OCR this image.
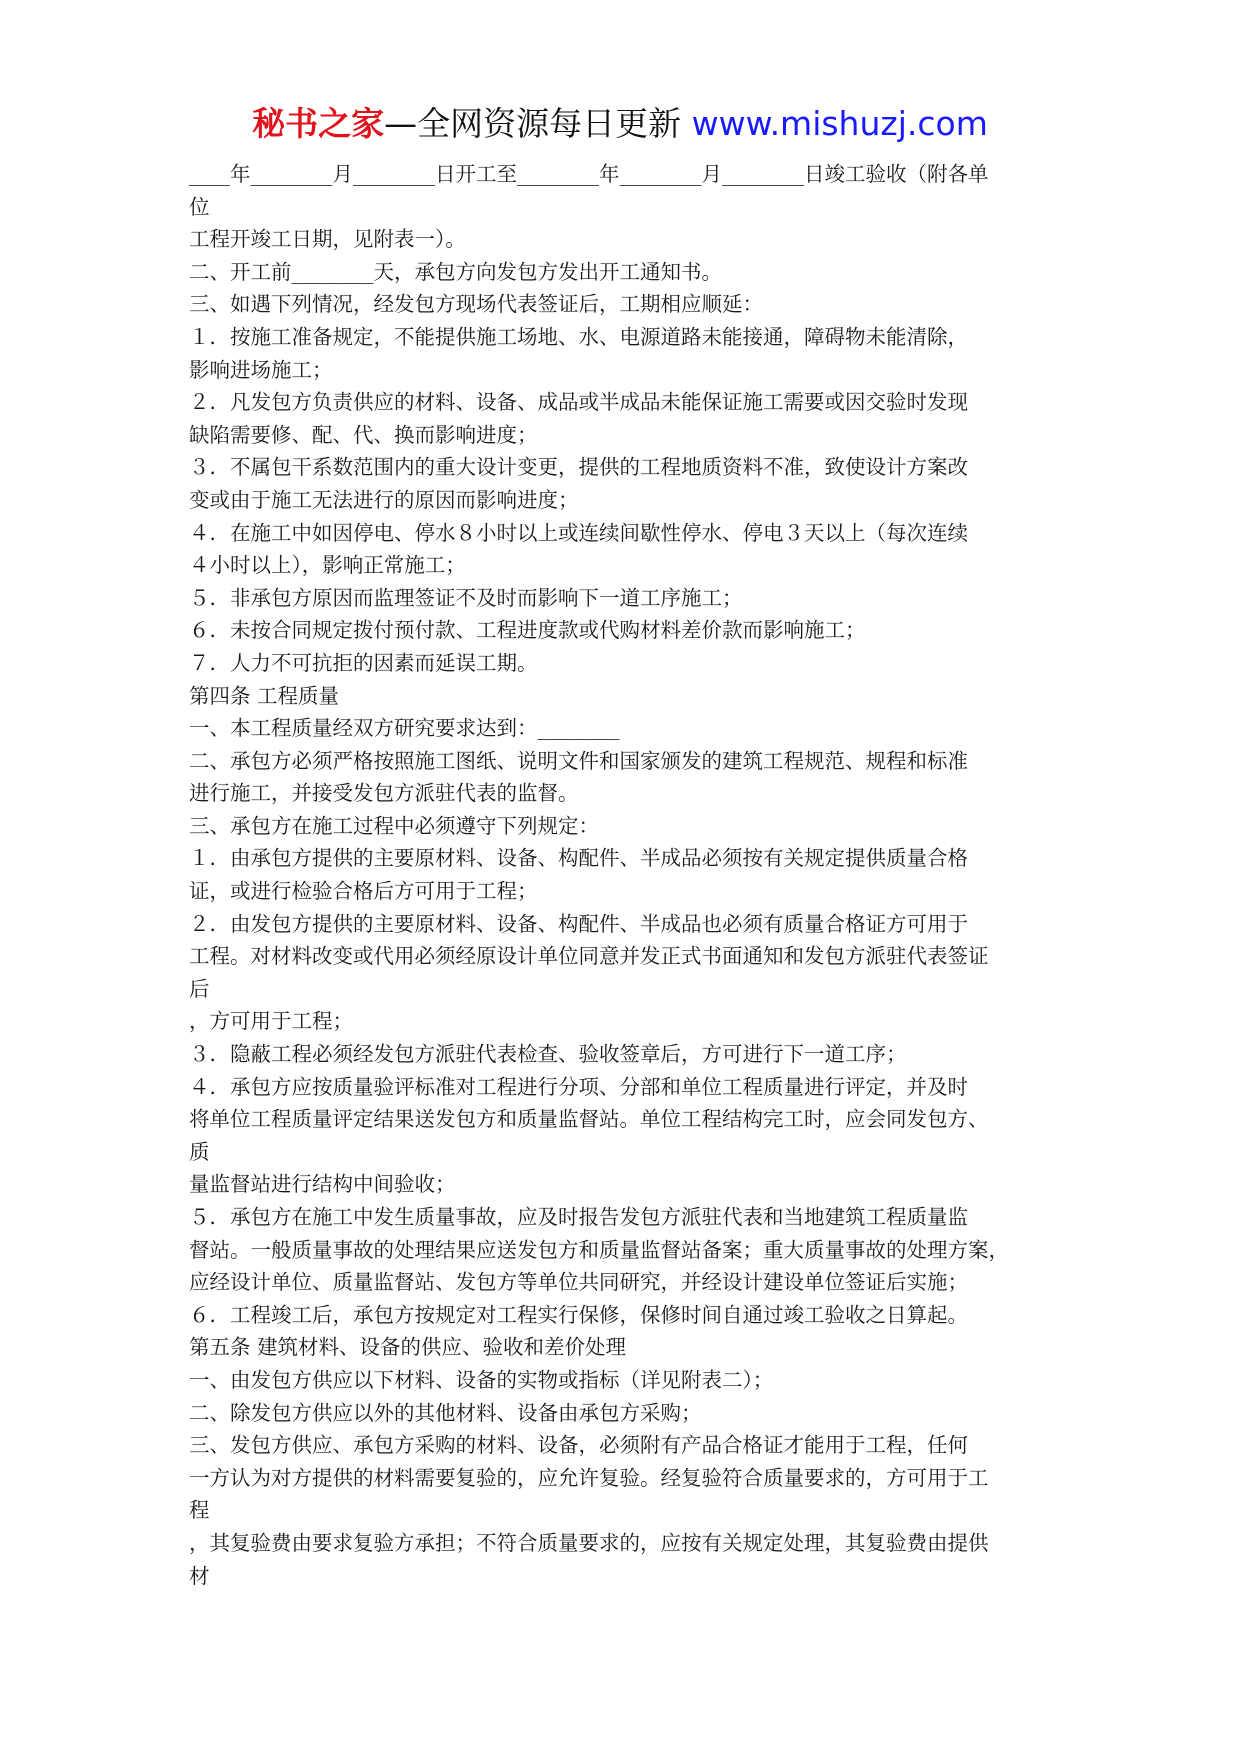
秘书之家—全网资源每日更新 www.mishuzj.com
____年________月________日开工至________年________月________日竣工验收（附各单
位
工程开竣工日期，见附表一）。
二、开工前________天，承包方向发包方发出开工通知书。
三、如遇下列情况，经发包方现场代表签证后，工期相应顺延：
１．按施工准备规定，不能提供施工场地、水、电源道路未能接通，障碍物未能清除，
影响进场施工；
２．凡发包方负责供应的材料、设备、成品或半成品未能保证施工需要或因交验时发现
缺陷需要修、配、代、换而影响进度；
３．不属包干系数范围内的重大设计变更，提供的工程地质资料不准，致使设计方案改
变或由于施工无法进行的原因而影响进度；
４．在施工中如因停电、停水８小时以上或连续间歇性停水、停电３天以上（每次连续
４小时以上），影响正常施工；
５．非承包方原因而监理签证不及时而影响下一道工序施工；
６．未按合同规定拨付预付款、工程进度款或代购材料差价款而影响施工；
７．人力不可抗拒的因素而延误工期。
第四条 工程质量
一、本工程质量经双方研究要求达到：________
二、承包方必须严格按照施工图纸、说明文件和国家颁发的建筑工程规范、规程和标准
进行施工，并接受发包方派驻代表的监督。
三、承包方在施工过程中必须遵守下列规定：
１．由承包方提供的主要原材料、设备、构配件、半成品必须按有关规定提供质量合格
证，或进行检验合格后方可用于工程；
２．由发包方提供的主要原材料、设备、构配件、半成品也必须有质量合格证方可用于
工程。对材料改变或代用必须经原设计单位同意并发正式书面通知和发包方派驻代表签证
后
，方可用于工程；
３．隐蔽工程必须经发包方派驻代表检查、验收签章后，方可进行下一道工序；
４．承包方应按质量验评标准对工程进行分项、分部和单位工程质量进行评定，并及时
将单位工程质量评定结果送发包方和质量监督站。单位工程结构完工时，应会同发包方、
质
量监督站进行结构中间验收；
５．承包方在施工中发生质量事故，应及时报告发包方派驻代表和当地建筑工程质量监
督站。一般质量事故的处理结果应送发包方和质量监督站备案；重大质量事故的处理方案，
应经设计单位、质量监督站、发包方等单位共同研究，并经设计建设单位签证后实施；
６．工程竣工后，承包方按规定对工程实行保修，保修时间自通过竣工验收之日算起。
第五条 建筑材料、设备的供应、验收和差价处理
一、由发包方供应以下材料、设备的实物或指标（详见附表二）；
二、除发包方供应以外的其他材料、设备由承包方采购；
三、发包方供应、承包方采购的材料、设备，必须附有产品合格证才能用于工程，任何
一方认为对方提供的材料需要复验的，应允许复验。经复验符合质量要求的，方可用于工
程
，其复验费由要求复验方承担；不符合质量要求的，应按有关规定处理，其复验费由提供
材
